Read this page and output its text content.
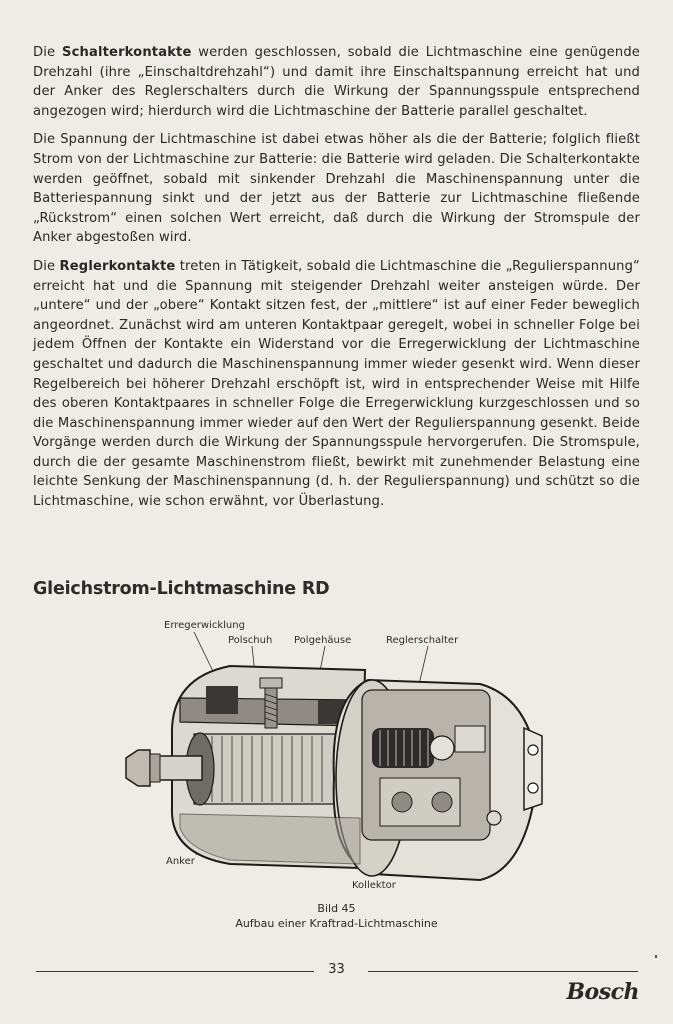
Die Schalterkontakte werden geschlossen, sobald die Lichtmaschine eine genügende Drehzahl (ihre „Einschaltdrehzahl“) und damit ihre Einschaltspannung erreicht hat und der Anker des Reglerschalters durch die Wirkung der Spannungsspule entsprechend angezogen wird; hierdurch wird die Lichtmaschine der Batterie parallel geschaltet.

Die Spannung der Lichtmaschine ist dabei etwas höher als die der Batterie; folglich fließt Strom von der Lichtmaschine zur Batterie: die Batterie wird geladen. Die Schalterkontakte werden geöffnet, sobald mit sinkender Drehzahl die Maschinenspannung unter die Batteriespannung sinkt und der jetzt aus der Batterie zur Lichtmaschine fließende „Rückstrom“ einen solchen Wert erreicht, daß durch die Wirkung der Stromspule der Anker abgestoßen wird.

Die Reglerkontakte treten in Tätigkeit, sobald die Lichtmaschine die „Regulierspannung“ erreicht hat und die Spannung mit steigender Drehzahl weiter ansteigen würde. Der „untere“ und der „obere“ Kontakt sitzen fest, der „mittlere“ ist auf einer Feder beweglich angeordnet. Zunächst wird am unteren Kontaktpaar geregelt, wobei in schneller Folge bei jedem Öffnen der Kontakte ein Widerstand vor die Erregerwicklung der Lichtmaschine geschaltet und dadurch die Maschinenspannung immer wieder gesenkt wird. Wenn dieser Regelbereich bei höherer Drehzahl erschöpft ist, wird in entsprechender Weise mit Hilfe des oberen Kontaktpaares in schneller Folge die Erregerwicklung kurzgeschlossen und so die Maschinenspannung immer wieder auf den Wert der Regulierspannung gesenkt. Beide Vorgänge werden durch die Wirkung der Spannungsspule hervorgerufen. Die Stromspule, durch die der gesamte Maschinenstrom fließt, bewirkt mit zunehmender Belastung eine leichte Senkung der Maschinenspannung (d. h. der Regulierspannung) und schützt so die Lichtmaschine, wie schon erwähnt, vor Überlastung.

Gleichstrom-Lichtmaschine RD
Erregerwicklung
Polschuh Polgehäuse	Reglerschalter
Anker
Kollektor
Bild 45
Aufbau einer Kraftrad-Lichtmaschine
33
Bosch
